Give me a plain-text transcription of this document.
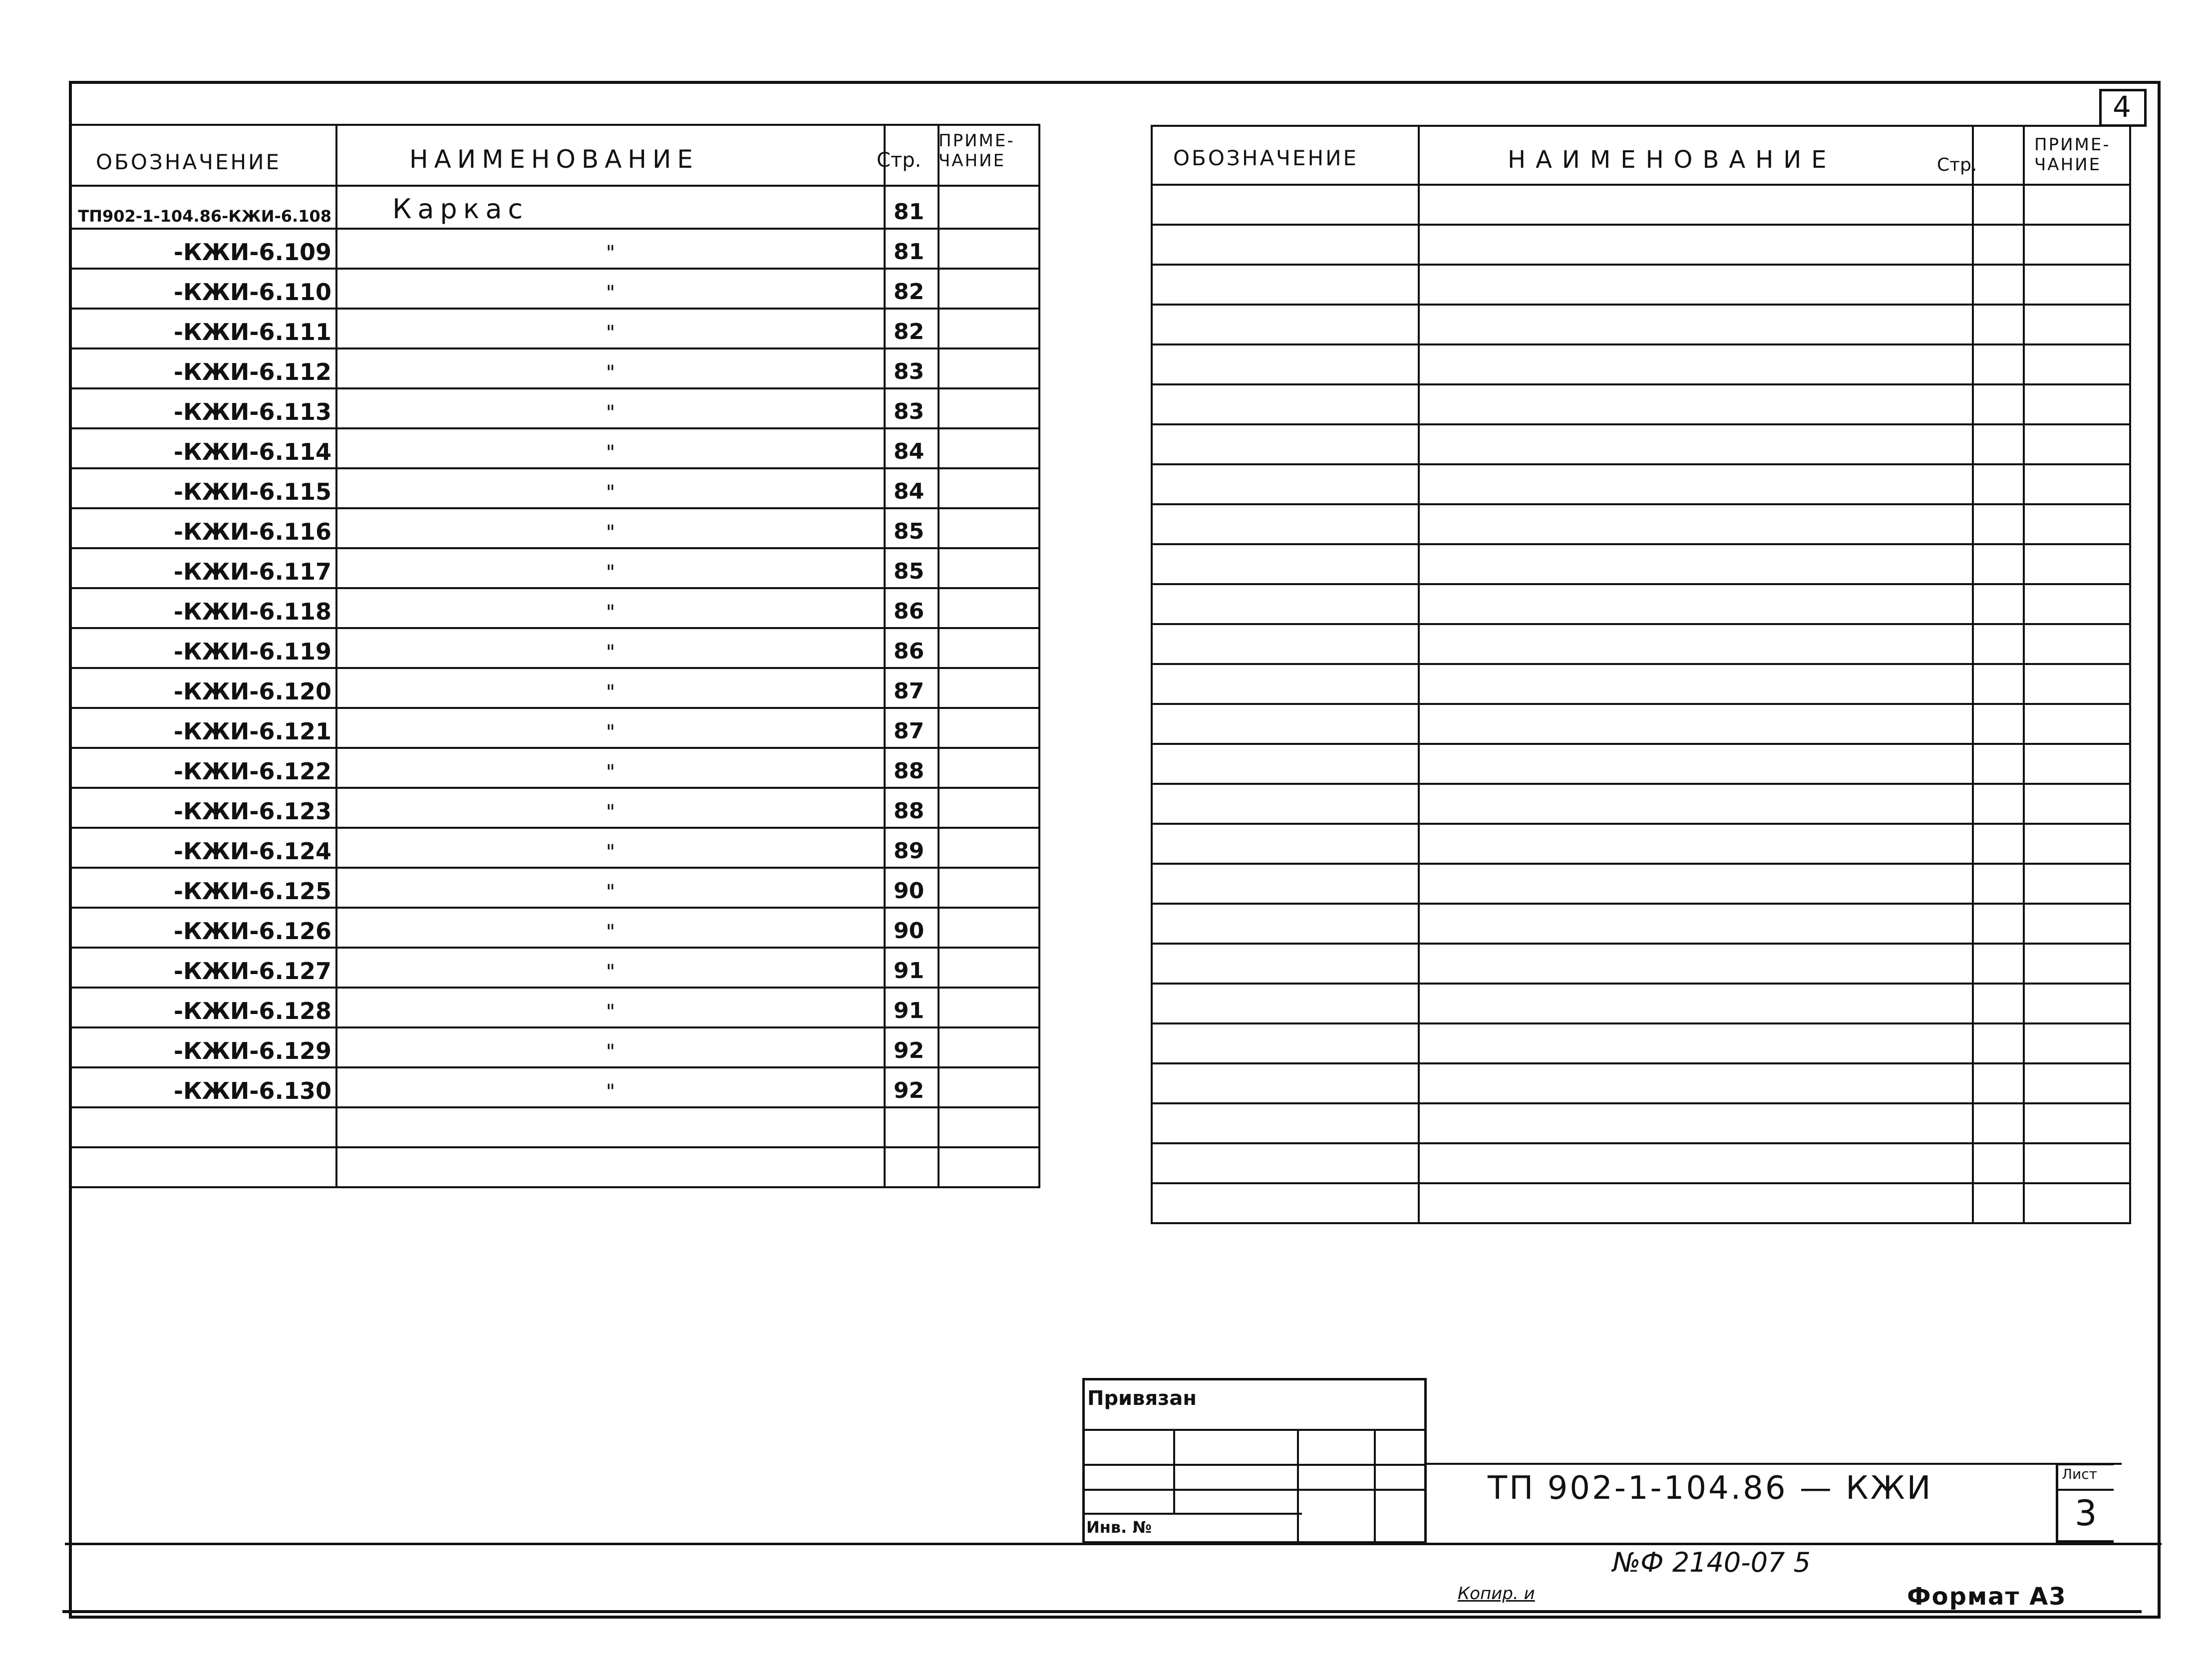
4

ТП902-1-104.86-КЖИ-6.108	Каркас	81	

-КЖИ-6.109	"	81	

-КЖИ-6.110	"	82	

-КЖИ-6.111	"	82	

-КЖИ-6.112	"	83	

-КЖИ-6.113	"	83	

-КЖИ-6.114	"	84	

-КЖИ-6.115	"	84	

-КЖИ-6.116	"	85	

-КЖИ-6.117	"	85	

-КЖИ-6.118	"	86	

-КЖИ-6.119	"	86	

-КЖИ-6.120	"	87	

-КЖИ-6.121	"	87	

-КЖИ-6.122	"	88	

-КЖИ-6.123	"	88	

-КЖИ-6.124	"	89	

-КЖИ-6.125	"	90	

-КЖИ-6.126	"	90	

-КЖИ-6.127	"	91	

-КЖИ-6.128	"	91	

-КЖИ-6.129	"	92	

-КЖИ-6.130	"	92	

ОБОЗНАЧЕНИЕ	НАИМЕНОВАНИЕ	Стр.
ПРИМЕ-
ЧАНИЕ

				ОБОЗНАЧЕНИЕ	НАИМЕНОВАНИЕ	Стр.
ПРИМЕ-
ЧАНИЕ
Привязан
Инв. №
ТП 902-1-104.86 — КЖИ	Лист
3
№Ф 2140-07 5
Копир. и	Формат А3
